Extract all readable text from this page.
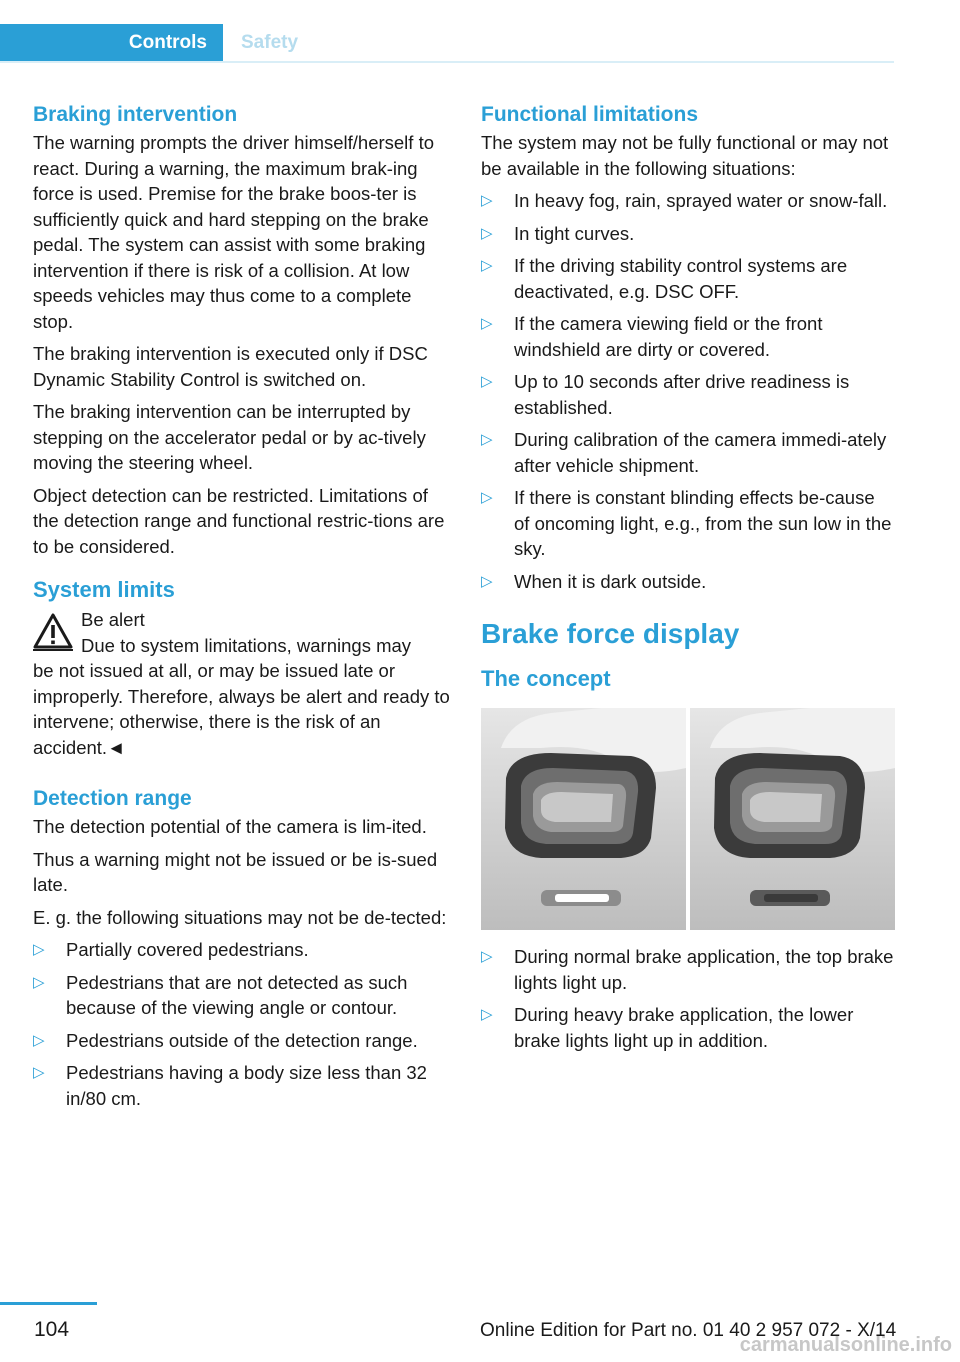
Controls Safety
Braking intervention

The warning prompts the driver himself/herself to react. During a warning, the maximum brak-ing force is used. Premise for the brake boos-ter is sufficiently quick and hard stepping on the brake pedal. The system can assist with some braking intervention if there is risk of a collision. At low speeds vehicles may thus come to a complete stop.

The braking intervention is executed only if DSC Dynamic Stability Control is switched on.

The braking intervention can be interrupted by stepping on the accelerator pedal or by ac-tively moving the steering wheel.

Object detection can be restricted. Limitations of the detection range and functional restric-tions are to be considered.

System limits

Be alert

Due to system limitations, warnings may

be not issued at all, or may be issued late or improperly. Therefore, always be alert and ready to intervene; otherwise, there is the risk of an accident.◄

Detection range

The detection potential of the camera is lim-ited.

Thus a warning might not be issued or be is-sued late.

E. g. the following situations may not be de-tected:

▷ Partially covered pedestrians.
▷ Pedestrians that are not detected as such because of the viewing angle or contour.
▷ Pedestrians outside of the detection range.
▷ Pedestrians having a body size less than 32 in/80 cm.
Functional limitations

The system may not be fully functional or may not be available in the following situations:

▷ In heavy fog, rain, sprayed water or snow-fall.
▷ In tight curves.
▷ If the driving stability control systems are deactivated, e.g. DSC OFF.
▷ If the camera viewing field or the front windshield are dirty or covered.
▷ Up to 10 seconds after drive readiness is established.
▷ During calibration of the camera immedi-ately after vehicle shipment.
▷ If there is constant blinding effects be-cause of oncoming light, e.g., from the sun low in the sky.
▷ When it is dark outside.
Brake force display
The concept
▷ During normal brake application, the top brake lights light up.
▷ During heavy brake application, the lower brake lights light up in addition.
104	Online Edition for Part no. 01 40 2 957 072 - X/14
carmanualsonline.info
